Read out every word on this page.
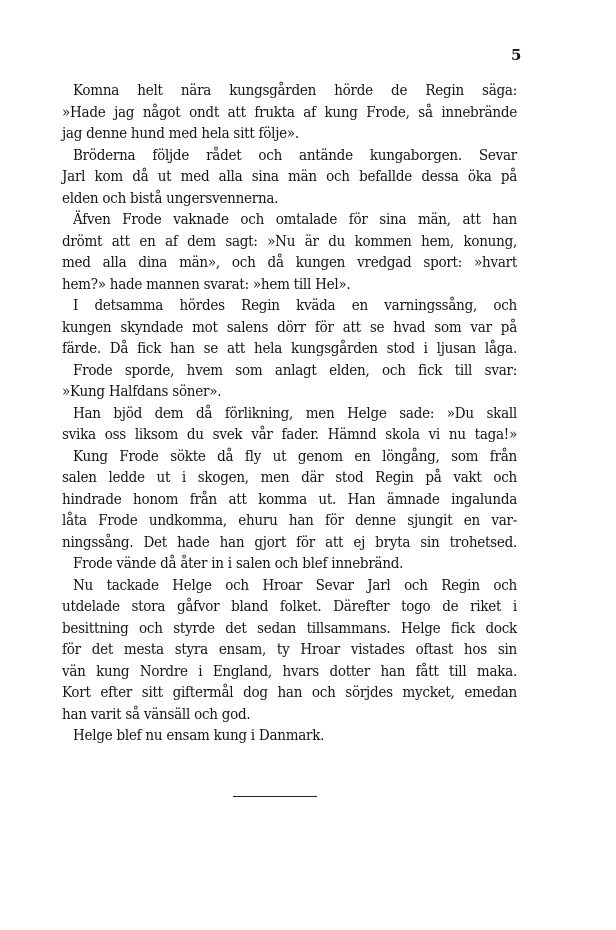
5
Komna helt nära kungsgården hörde de Regin säga:
»Hade jag något ondt att frukta af kung Frode, så innebrände
jag denne hund med hela sitt följe».
Bröderna följde rådet och antände kungaborgen. Sevar
Jarl kom då ut med alla sina män och befallde dessa öka på
elden och bistå ungersvennerna.
Äfven Frode vaknade och omtalade för sina män, att han
drömt att en af dem sagt: »Nu är du kommen hem, konung,
med alla dina män», och då kungen vredgad sport: »hvart
hem?» hade mannen svarat: »hem till Hel».
I detsamma hördes Regin kväda en varningssång, och
kungen skyndade mot salens dörr för att se hvad som var på
färde. Då fick han se att hela kungsgården stod i ljusan låga.
Frode sporde, hvem som anlagt elden, och fick till svar:
»Kung Halfdans söner».
Han bjöd dem då förlikning, men Helge sade: »Du skall
svika oss liksom du svek vår fader. Hämnd skola vi nu taga!»
Kung Frode sökte då fly ut genom en löngång, som från
salen ledde ut i skogen, men där stod Regin på vakt och
hindrade honom från att komma ut. Han ämnade ingalunda
låta Frode undkomma, ehuru han för denne sjungit en var-
ningssång. Det hade han gjort för att ej bryta sin trohetsed.
Frode vände då åter in i salen och blef innebränd.
Nu tackade Helge och Hroar Sevar Jarl och Regin och
utdelade stora gåfvor bland folket. Därefter togo de riket i
besittning och styrde det sedan tillsammans. Helge fick dock
för det mesta styra ensam, ty Hroar vistades oftast hos sin
vän kung Nordre i England, hvars dotter han fått till maka.
Kort efter sitt giftermål dog han och sörjdes mycket, emedan
han varit så vänsäll och god.
Helge blef nu ensam kung i Danmark.
